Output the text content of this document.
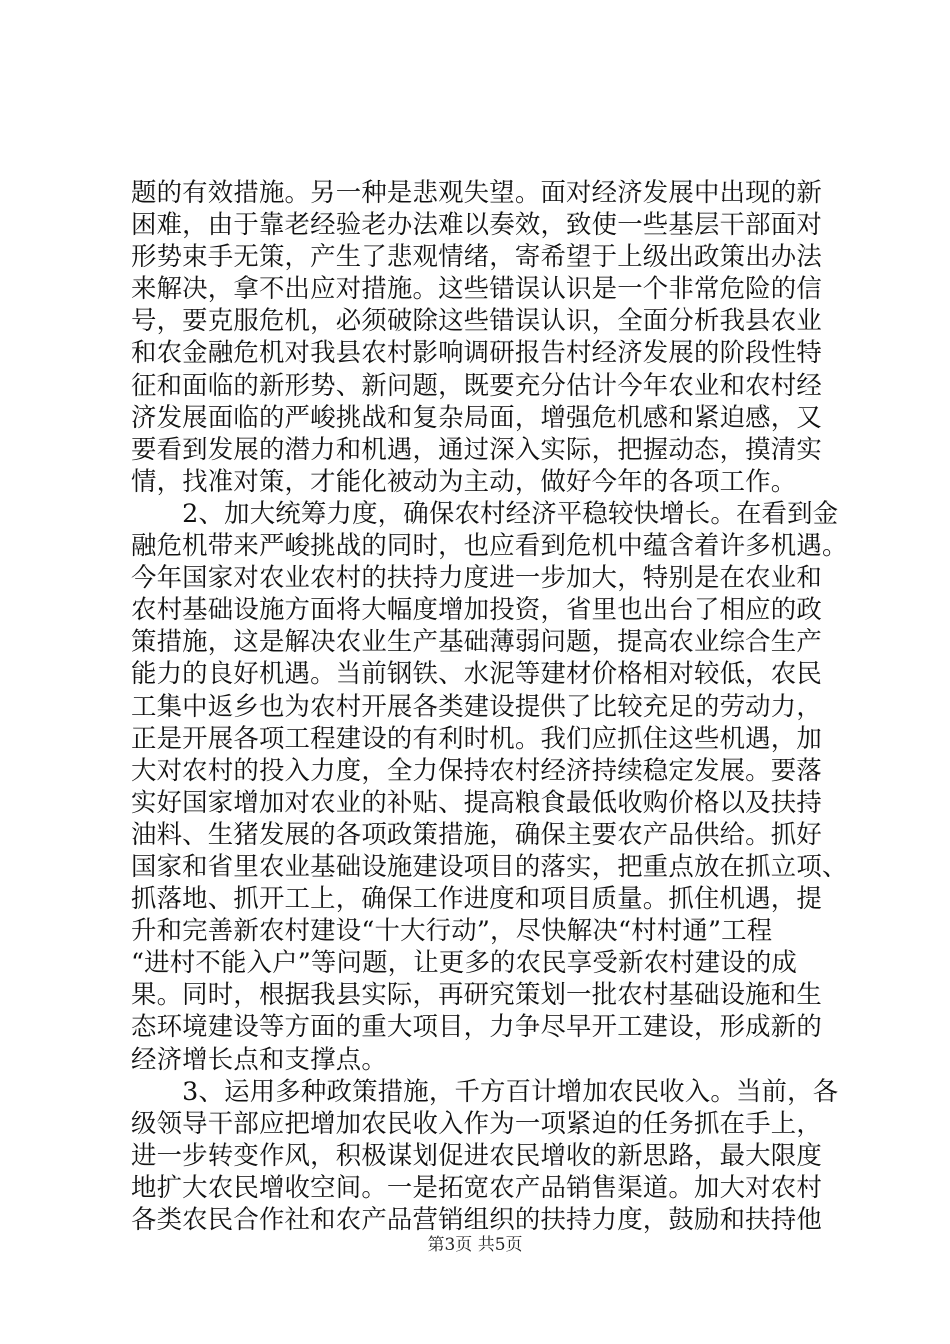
题的有效措施。另一种是悲观失望。面对经济发展中出现的新
困难，由于靠老经验老办法难以奏效，致使一些基层干部面对
形势束手无策，产生了悲观情绪，寄希望于上级出政策出办法
来解决，拿不出应对措施。这些错误认识是一个非常危险的信
号，要克服危机，必须破除这些错误认识，全面分析我县农业
和农金融危机对我县农村影响调研报告村经济发展的阶段性特
征和面临的新形势、新问题，既要充分估计今年农业和农村经
济发展面临的严峻挑战和复杂局面，增强危机感和紧迫感，又
要看到发展的潜力和机遇，通过深入实际，把握动态，摸清实
情，找准对策，才能化被动为主动，做好今年的各项工作。
　　2、加大统筹力度，确保农村经济平稳较快增长。在看到金
融危机带来严峻挑战的同时，也应看到危机中蕴含着许多机遇。
今年国家对农业农村的扶持力度进一步加大，特别是在农业和
农村基础设施方面将大幅度增加投资，省里也出台了相应的政
策措施，这是解决农业生产基础薄弱问题，提高农业综合生产
能力的良好机遇。当前钢铁、水泥等建材价格相对较低，农民
工集中返乡也为农村开展各类建设提供了比较充足的劳动力，
正是开展各项工程建设的有利时机。我们应抓住这些机遇，加
大对农村的投入力度，全力保持农村经济持续稳定发展。要落
实好国家增加对农业的补贴、提高粮食最低收购价格以及扶持
油料、生猪发展的各项政策措施，确保主要农产品供给。抓好
国家和省里农业基础设施建设项目的落实，把重点放在抓立项、
抓落地、抓开工上，确保工作进度和项目质量。抓住机遇，提
升和完善新农村建设“十大行动”，尽快解决“村村通”工程
“进村不能入户”等问题，让更多的农民享受新农村建设的成
果。同时，根据我县实际，再研究策划一批农村基础设施和生
态环境建设等方面的重大项目，力争尽早开工建设，形成新的
经济增长点和支撑点。
　　3、运用多种政策措施，千方百计增加农民收入。当前，各
级领导干部应把增加农民收入作为一项紧迫的任务抓在手上，
进一步转变作风，积极谋划促进农民增收的新思路，最大限度
地扩大农民增收空间。一是拓宽农产品销售渠道。加大对农村
各类农民合作社和农产品营销组织的扶持力度，鼓励和扶持他
第3页 共5页
